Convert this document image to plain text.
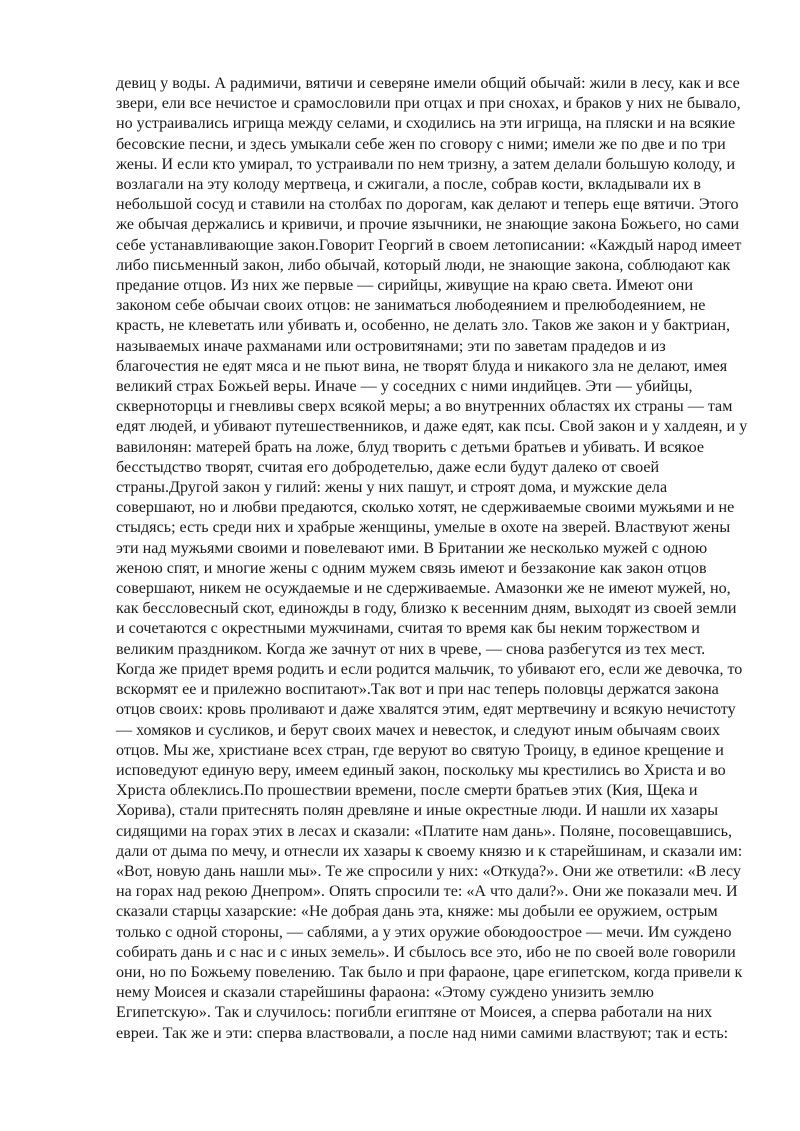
девиц у воды. А радимичи, вятичи и северяне имели общий обычай: жили в лесу, как и все звери, ели все нечистое и срамословили при отцах и при снохах, и браков у них не бывало, но устраивались игрища между селами, и сходились на эти игрища, на пляски и на всякие бесовские песни, и здесь умыкали себе жен по сговору с ними; имели же по две и по три жены. И если кто умирал, то устраивали по нем тризну, а затем делали большую колоду, и возлагали на эту колоду мертвеца, и сжигали, а после, собрав кости, вкладывали их в небольшой сосуд и ставили на столбах по дорогам, как делают и теперь еще вятичи. Этого же обычая держались и кривичи, и прочие язычники, не знающие закона Божьего, но сами себе устанавливающие закон.Говорит Георгий в своем летописании: «Каждый народ имеет либо письменный закон, либо обычай, который люди, не знающие закона, соблюдают как предание отцов. Из них же первые — сирийцы, живущие на краю света. Имеют они законом себе обычаи своих отцов: не заниматься любодеянием и прелюбодеянием, не красть, не клеветать или убивать и, особенно, не делать зло. Таков же закон и у бактриан, называемых иначе рахманами или островитянами; эти по заветам прадедов и из благочестия не едят мяса и не пьют вина, не творят блуда и никакого зла не делают, имея великий страх Божьей веры. Иначе — у соседних с ними индийцев. Эти — убийцы, скверноторцы и гневливы сверх всякой меры; а во внутренних областях их страны — там едят людей, и убивают путешественников, и даже едят, как псы. Свой закон и у халдеян, и у вавилонян: матерей брать на ложе, блуд творить с детьми братьев и убивать. И всякое бесстыдство творят, считая его добродетелью, даже если будут далеко от своей страны.Другой закон у гилий: жены у них пашут, и строят дома, и мужские дела совершают, но и любви предаются, сколько хотят, не сдерживаемые своими мужьями и не стыдясь; есть среди них и храбрые женщины, умелые в охоте на зверей. Властвуют жены эти над мужьями своими и повелевают ими. В Британии же несколько мужей с одною женою спят, и многие жены с одним мужем связь имеют и беззаконие как закон отцов совершают, никем не осуждаемые и не сдерживаемые. Амазонки же не имеют мужей, но, как бессловесный скот, единожды в году, близко к весенним дням, выходят из своей земли и сочетаются с окрестными мужчинами, считая то время как бы неким торжеством и великим праздником. Когда же зачнут от них в чреве, — снова разбегутся из тех мест. Когда же придет время родить и если родится мальчик, то убивают его, если же девочка, то вскормят ее и прилежно воспитают».Так вот и при нас теперь половцы держатся закона отцов своих: кровь проливают и даже хвалятся этим, едят мертвечину и всякую нечистоту — хомяков и сусликов, и берут своих мачех и невесток, и следуют иным обычаям своих отцов. Мы же, христиане всех стран, где веруют во святую Троицу, в единое крещение и исповедуют единую веру, имеем единый закон, поскольку мы крестились во Христа и во Христа облеклись.По прошествии времени, после смерти братьев этих (Кия, Щека и Хорива), стали притеснять полян древляне и иные окрестные люди. И нашли их хазары сидящими на горах этих в лесах и сказали: «Платите нам дань». Поляне, посовещавшись, дали от дыма по мечу, и отнесли их хазары к своему князю и к старейшинам, и сказали им: «Вот, новую дань нашли мы». Те же спросили у них: «Откуда?». Они же ответили: «В лесу на горах над рекою Днепром». Опять спросили те: «А что дали?». Они же показали меч. И сказали старцы хазарские: «Не добрая дань эта, княже: мы добыли ее оружием, острым только с одной стороны, — саблями, а у этих оружие обоюдоострое — мечи. Им суждено собирать дань и с нас и с иных земель». И сбылось все это, ибо не по своей воле говорили они, но по Божьему повелению. Так было и при фараоне, царе египетском, когда привели к нему Моисея и сказали старейшины фараона: «Этому суждено унизить землю Египетскую». Так и случилось: погибли египтяне от Моисея, а сперва работали на них евреи. Так же и эти: сперва властвовали, а после над ними самими властвуют; так и есть:
